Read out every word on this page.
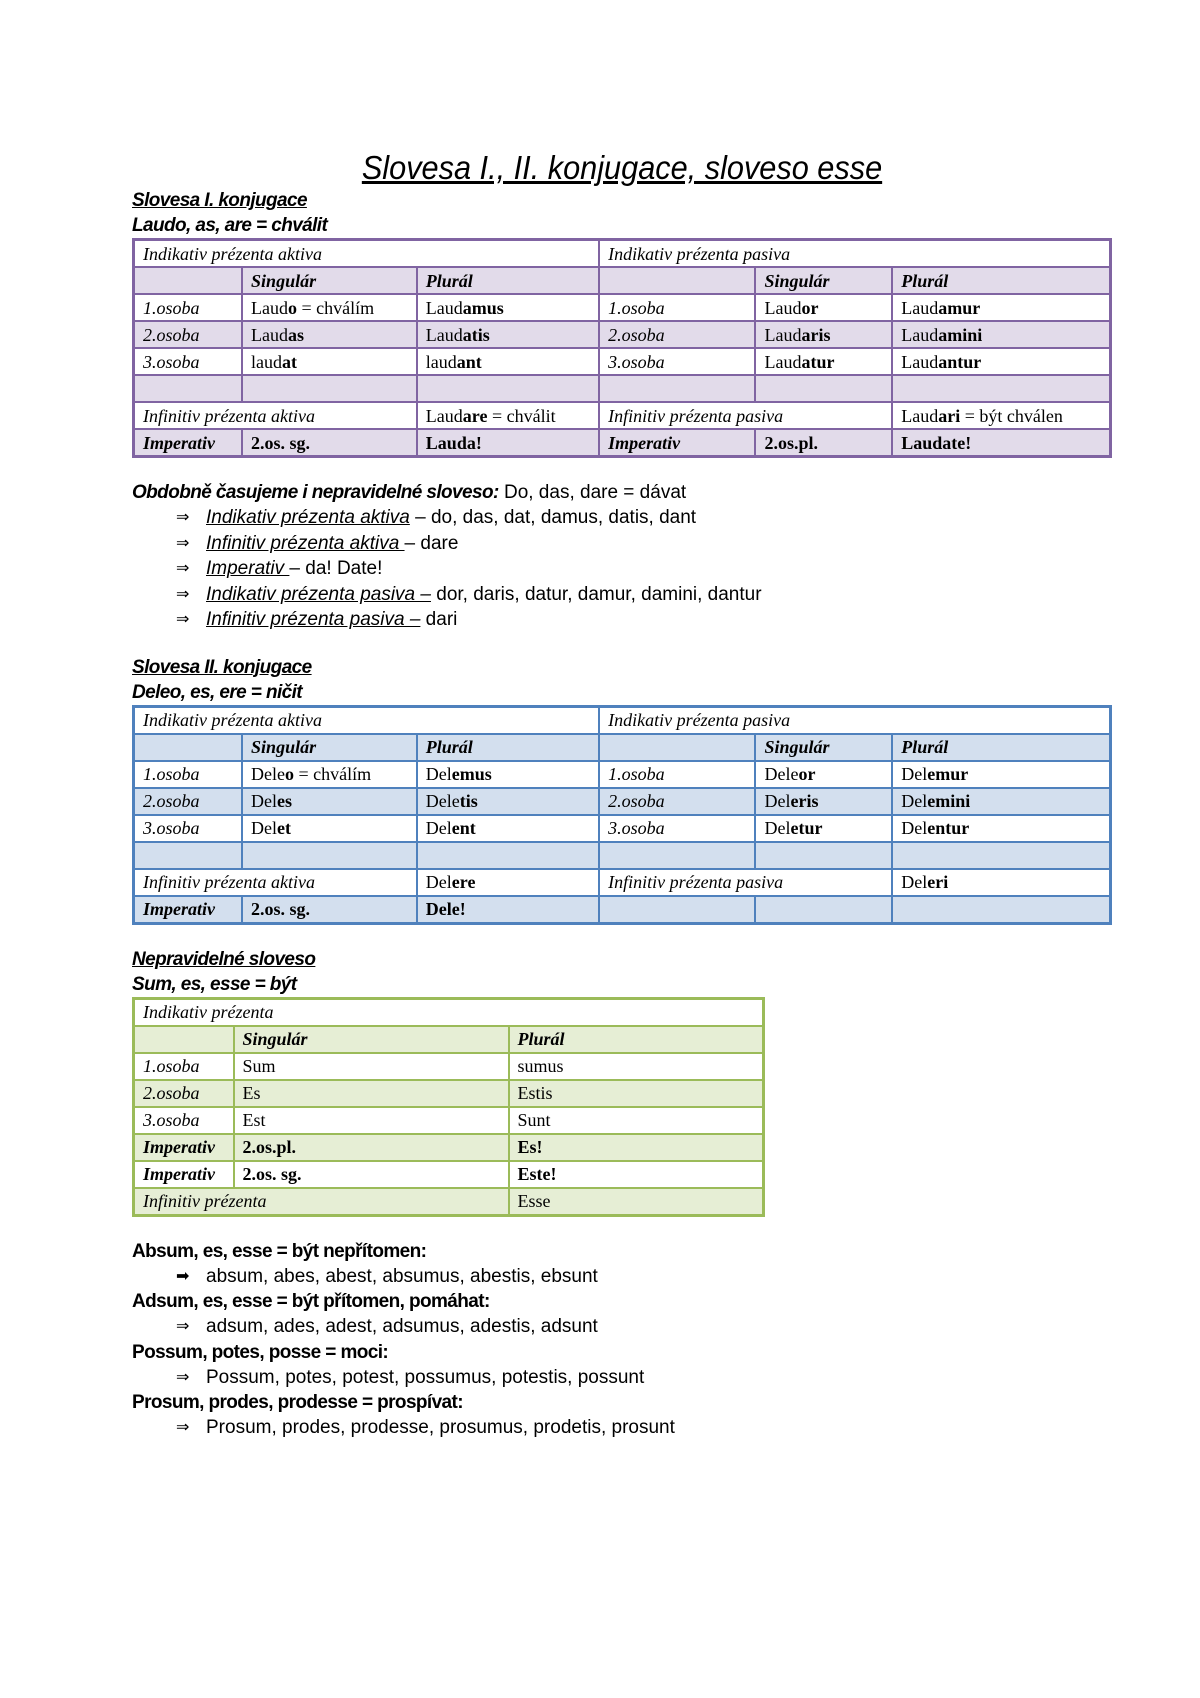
Slovesa I., II. konjugace, sloveso esse
Slovesa I. konjugace
Laudo, as, are = chválit
Indikativ prézenta aktiva			Indikativ prézenta pasiva		
	Singulár	Plurál		Singulár	Plurál
1.osoba	Laudo = chválím	Laudamus	1.osoba	Laudor	Laudamur
2.osoba	Laudas	Laudatis	2.osoba	Laudaris	Laudamini
3.osoba	laudat	laudant	3.osoba	Laudatur	Laudantur

Infinitiv prézenta aktiva		Laudare = chválit	Infinitiv prézenta pasiva		Laudari = být chválen
Imperativ	2.os. sg.	Lauda!	Imperativ	2.os.pl.	Laudate!
Obdobně časujeme i nepravidelné sloveso: Do, das, dare = dávat
⇒ Indikativ prézenta aktiva – do, das, dat, damus, datis, dant
⇒ Infinitiv prézenta aktiva – dare
⇒ Imperativ – da! Date!
⇒ Indikativ prézenta pasiva – dor, daris, datur, damur, damini, dantur
⇒ Infinitiv prézenta pasiva – dari
Slovesa II. konjugace
Deleo, es, ere = ničit
Indikativ prézenta aktiva			Indikativ prézenta pasiva		
	Singulár	Plurál		Singulár	Plurál
1.osoba	Deleo = chválím	Delemus	1.osoba	Deleor	Delemur
2.osoba	Deles	Deletis	2.osoba	Deleris	Delemini
3.osoba	Delet	Delent	3.osoba	Deletur	Delentur

Infinitiv prézenta aktiva		Delere	Infinitiv prézenta pasiva		Deleri
Imperativ	2.os. sg.	Dele!			
Nepravidelné sloveso
Sum, es, esse = být
Indikativ prézenta		
	Singulár	Plurál
1.osoba	Sum	sumus
2.osoba	Es	Estis
3.osoba	Est	Sunt
Imperativ	2.os.pl.	Es!
Imperativ	2.os. sg.	Este!
Infinitiv prézenta		Esse
Absum, es, esse = být nepřítomen:
➡ absum, abes, abest, absumus, abestis, ebsunt
Adsum, es, esse = být přítomen, pomáhat:
⇒ adsum, ades, adest, adsumus, adestis, adsunt
Possum, potes, posse = moci:
⇒ Possum, potes, potest, possumus, potestis, possunt
Prosum, prodes, prodesse = prospívat:
⇒ Prosum, prodes, prodesse, prosumus, prodetis, prosunt
